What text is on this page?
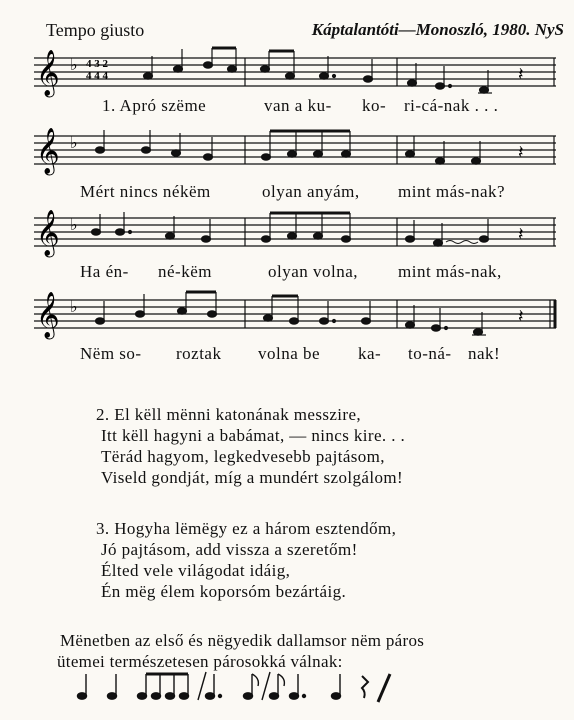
Tempo giusto	Káptalantóti—Monoszló, 1980. NyS
𝄞 ♭ 4 3 2
4 4 4	𝄽
1. Apró szëme	van a ku- ko- ri-cá-nak . . .
𝄞 ♭	𝄽
Mért nincs nékëm	olyan anyám, mint más-nak?
𝄞 ♭	𝄽
Ha én- né-këm	olyan volna, mint más-nak,
𝄞 ♭	𝄽
Nëm so- roztak volna be ka- to-ná- nak!
2. El këll mënni katonának messzire,
Itt këll hagyni a babámat, — nincs kire. . .
Tërád hagyom, legkedvesebb pajtásom,
Viseld gondját, míg a mundért szolgálom!
3. Hogyha lëmëgy ez a három esztendőm,
Jó pajtásom, add vissza a szeretőm!
Élted vele világodat idáig,
Én mëg élem koporsóm bezártáig.
Mënetben az első és nëgyedik dallamsor nëm páros
ütemei természetesen párosokká válnak:
